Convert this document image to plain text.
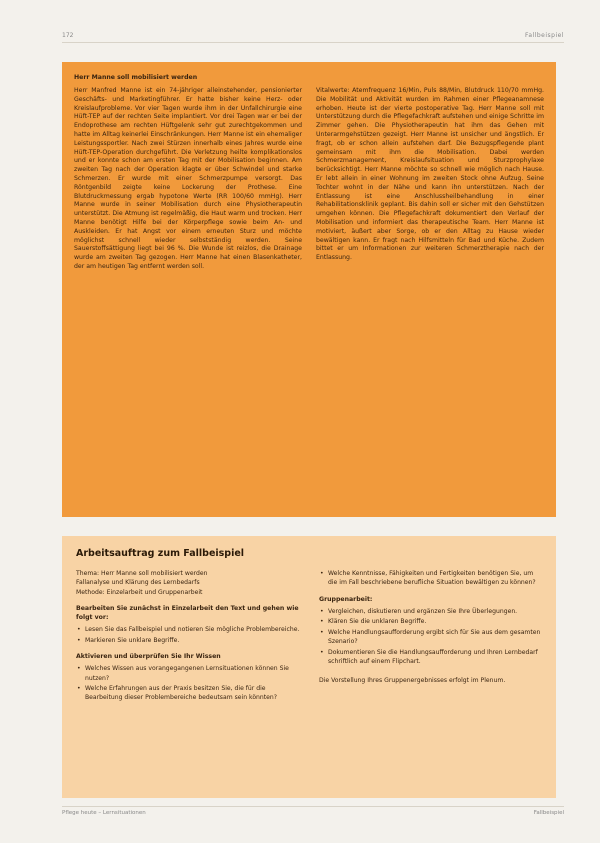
172	Fallbeispiel
Herr Manne soll mobilisiert werden

Herr Manfred Manne ist ein 74-jähriger alleinstehender, pensionierter Geschäfts- und Marketingführer. Er hatte bisher keine Herz- oder Kreislaufprobleme. Vor vier Tagen wurde ihm in der Unfallchirurgie eine Hüft-TEP auf der rechten Seite implantiert. Vor drei Tagen war er bei der Endoprothese am rechten Hüftgelenk sehr gut zurechtgekommen und hatte im Alltag keinerlei Einschränkungen. Herr Manne ist ein ehemaliger Leistungssportler. Nach zwei Stürzen innerhalb eines Jahres wurde eine Hüft-TEP-Operation durchgeführt. Die Verletzung heilte komplikationslos und er konnte schon am ersten Tag mit der Mobilisation beginnen. Am zweiten Tag nach der Operation klagte er über Schwindel und starke Schmerzen. Er wurde mit einer Schmerzpumpe versorgt. Das Röntgenbild zeigte keine Lockerung der Prothese. Eine Blutdruckmessung ergab hypotone Werte (RR 100/60 mmHg). Herr Manne wurde in seiner Mobilisation durch eine Physiotherapeutin unterstützt. Die Atmung ist regelmäßig, die Haut warm und trocken. Herr Manne benötigt Hilfe bei der Körperpflege sowie beim An- und Auskleiden. Er hat Angst vor einem erneuten Sturz und möchte möglichst schnell wieder selbstständig werden. Seine Sauerstoffsättigung liegt bei 96 %. Die Wunde ist reizlos, die Drainage wurde am zweiten Tag gezogen. Herr Manne hat einen Blasenkatheter, der am heutigen Tag entfernt werden soll.

Vitalwerte: Atemfrequenz 16/Min, Puls 88/Min, Blutdruck 110/70 mmHg. Die Mobilität und Aktivität wurden im Rahmen einer Pflegeanamnese erhoben. Heute ist der vierte postoperative Tag. Herr Manne soll mit Unterstützung durch die Pflegefachkraft aufstehen und einige Schritte im Zimmer gehen. Die Physiotherapeutin hat ihm das Gehen mit Unterarmgehstützen gezeigt. Herr Manne ist unsicher und ängstlich. Er fragt, ob er schon allein aufstehen darf. Die Bezugspflegende plant gemeinsam mit ihm die Mobilisation. Dabei werden Schmerzmanagement, Kreislaufsituation und Sturzprophylaxe berücksichtigt. Herr Manne möchte so schnell wie möglich nach Hause. Er lebt allein in einer Wohnung im zweiten Stock ohne Aufzug. Seine Tochter wohnt in der Nähe und kann ihn unterstützen. Nach der Entlassung ist eine Anschlussheilbehandlung in einer Rehabilitationsklinik geplant. Bis dahin soll er sicher mit den Gehstützen umgehen können. Die Pflegefachkraft dokumentiert den Verlauf der Mobilisation und informiert das therapeutische Team. Herr Manne ist motiviert, äußert aber Sorge, ob er den Alltag zu Hause wieder bewältigen kann. Er fragt nach Hilfsmitteln für Bad und Küche. Zudem bittet er um Informationen zur weiteren Schmerztherapie nach der Entlassung.

Arbeitsauftrag zum Fallbeispiel
Thema: Herr Manne soll mobilisiert werden
Fallanalyse und Klärung des Lernbedarfs
Methode: Einzelarbeit und Gruppenarbeit
Bearbeiten Sie zunächst in Einzelarbeit den Text und gehen wie folgt vor:
• Lesen Sie das Fallbeispiel und notieren Sie mögliche Problembereiche.
• Markieren Sie unklare Begriffe.
Aktivieren und überprüfen Sie Ihr Wissen
• Welches Wissen aus vorangegangenen Lernsituationen können Sie nutzen?
• Welche Erfahrungen aus der Praxis besitzen Sie, die für die Bearbeitung dieser Problembereiche bedeutsam sein könnten?
• Welche Kenntnisse, Fähigkeiten und Fertigkeiten benötigen Sie, um die im Fall beschriebene berufliche Situation bewältigen zu können?
Gruppenarbeit:
• Vergleichen, diskutieren und ergänzen Sie Ihre Überlegungen.
• Klären Sie die unklaren Begriffe.
• Welche Handlungsaufforderung ergibt sich für Sie aus dem gesamten Szenario?
• Dokumentieren Sie die Handlungsaufforderung und Ihren Lernbedarf schriftlich auf einem Flipchart.
Die Vorstellung Ihres Gruppenergebnisses erfolgt im Plenum.
Pflege heute – Lernsituationen	Fallbeispiel
